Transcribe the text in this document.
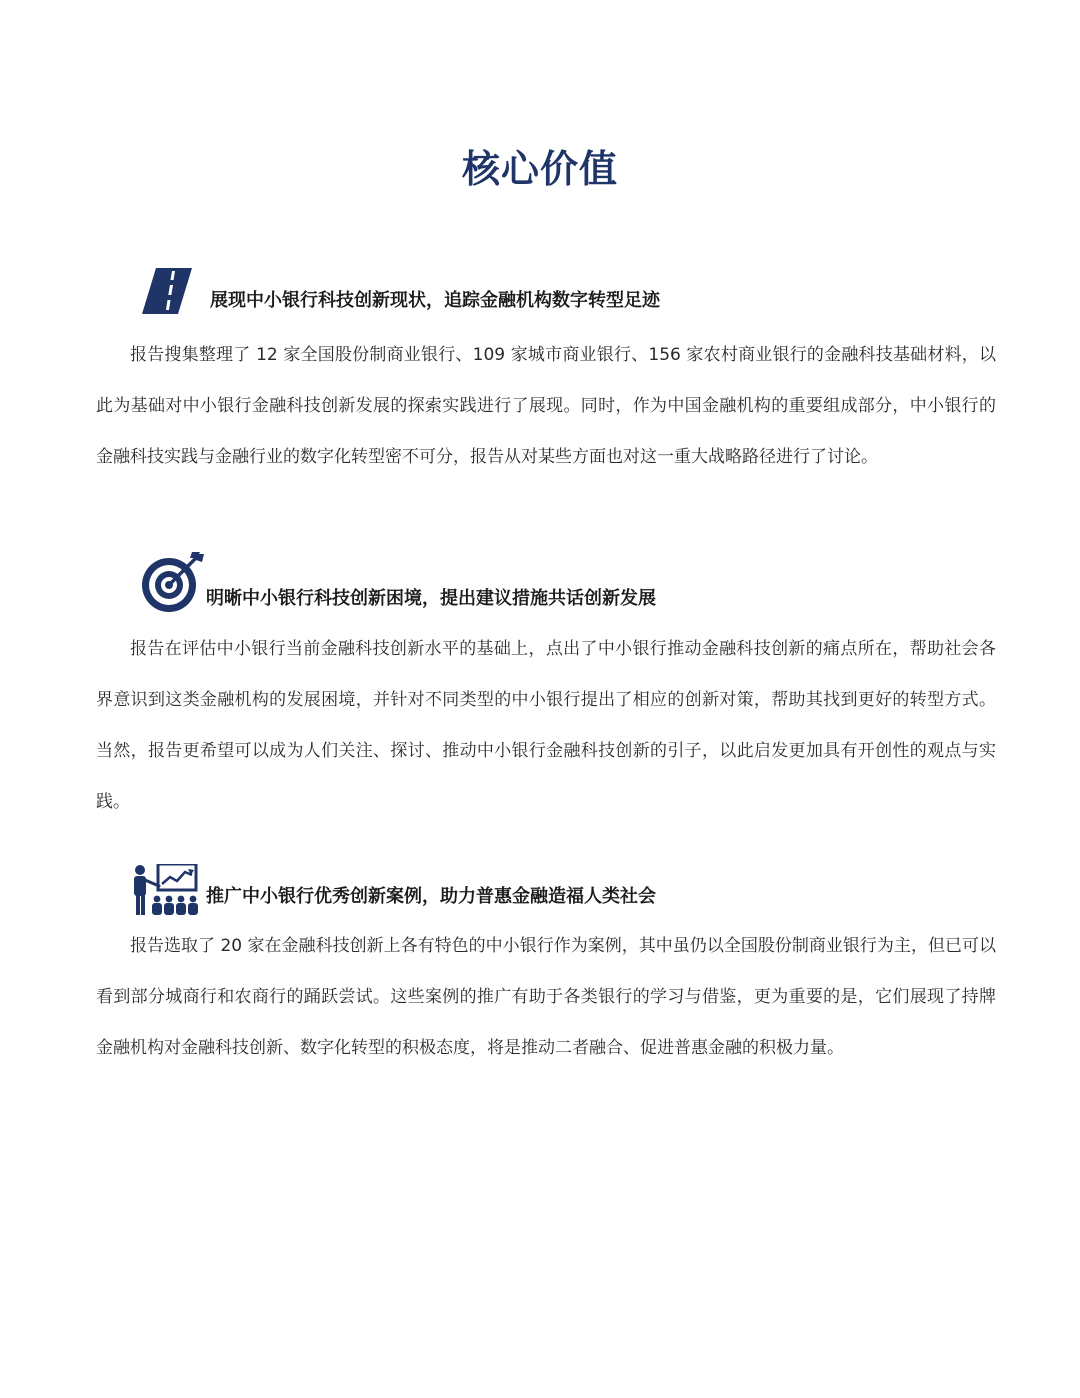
核心价值
展现中小银行科技创新现状，追踪金融机构数字转型足迹

报告搜集整理了 12 家全国股份制商业银行、109 家城市商业银行、156 家农村商业银行的金融科技基础材料，以此为基础对中小银行金融科技创新发展的探索实践进行了展现。同时，作为中国金融机构的重要组成部分，中小银行的金融科技实践与金融行业的数字化转型密不可分，报告从对某些方面也对这一重大战略路径进行了讨论。

明晰中小银行科技创新困境，提出建议措施共话创新发展

报告在评估中小银行当前金融科技创新水平的基础上，点出了中小银行推动金融科技创新的痛点所在，帮助社会各界意识到这类金融机构的发展困境，并针对不同类型的中小银行提出了相应的创新对策，帮助其找到更好的转型方式。当然，报告更希望可以成为人们关注、探讨、推动中小银行金融科技创新的引子，以此启发更加具有开创性的观点与实践。

推广中小银行优秀创新案例，助力普惠金融造福人类社会

报告选取了 20 家在金融科技创新上各有特色的中小银行作为案例，其中虽仍以全国股份制商业银行为主，但已可以看到部分城商行和农商行的踊跃尝试。这些案例的推广有助于各类银行的学习与借鉴，更为重要的是，它们展现了持牌金融机构对金融科技创新、数字化转型的积极态度，将是推动二者融合、促进普惠金融的积极力量。
